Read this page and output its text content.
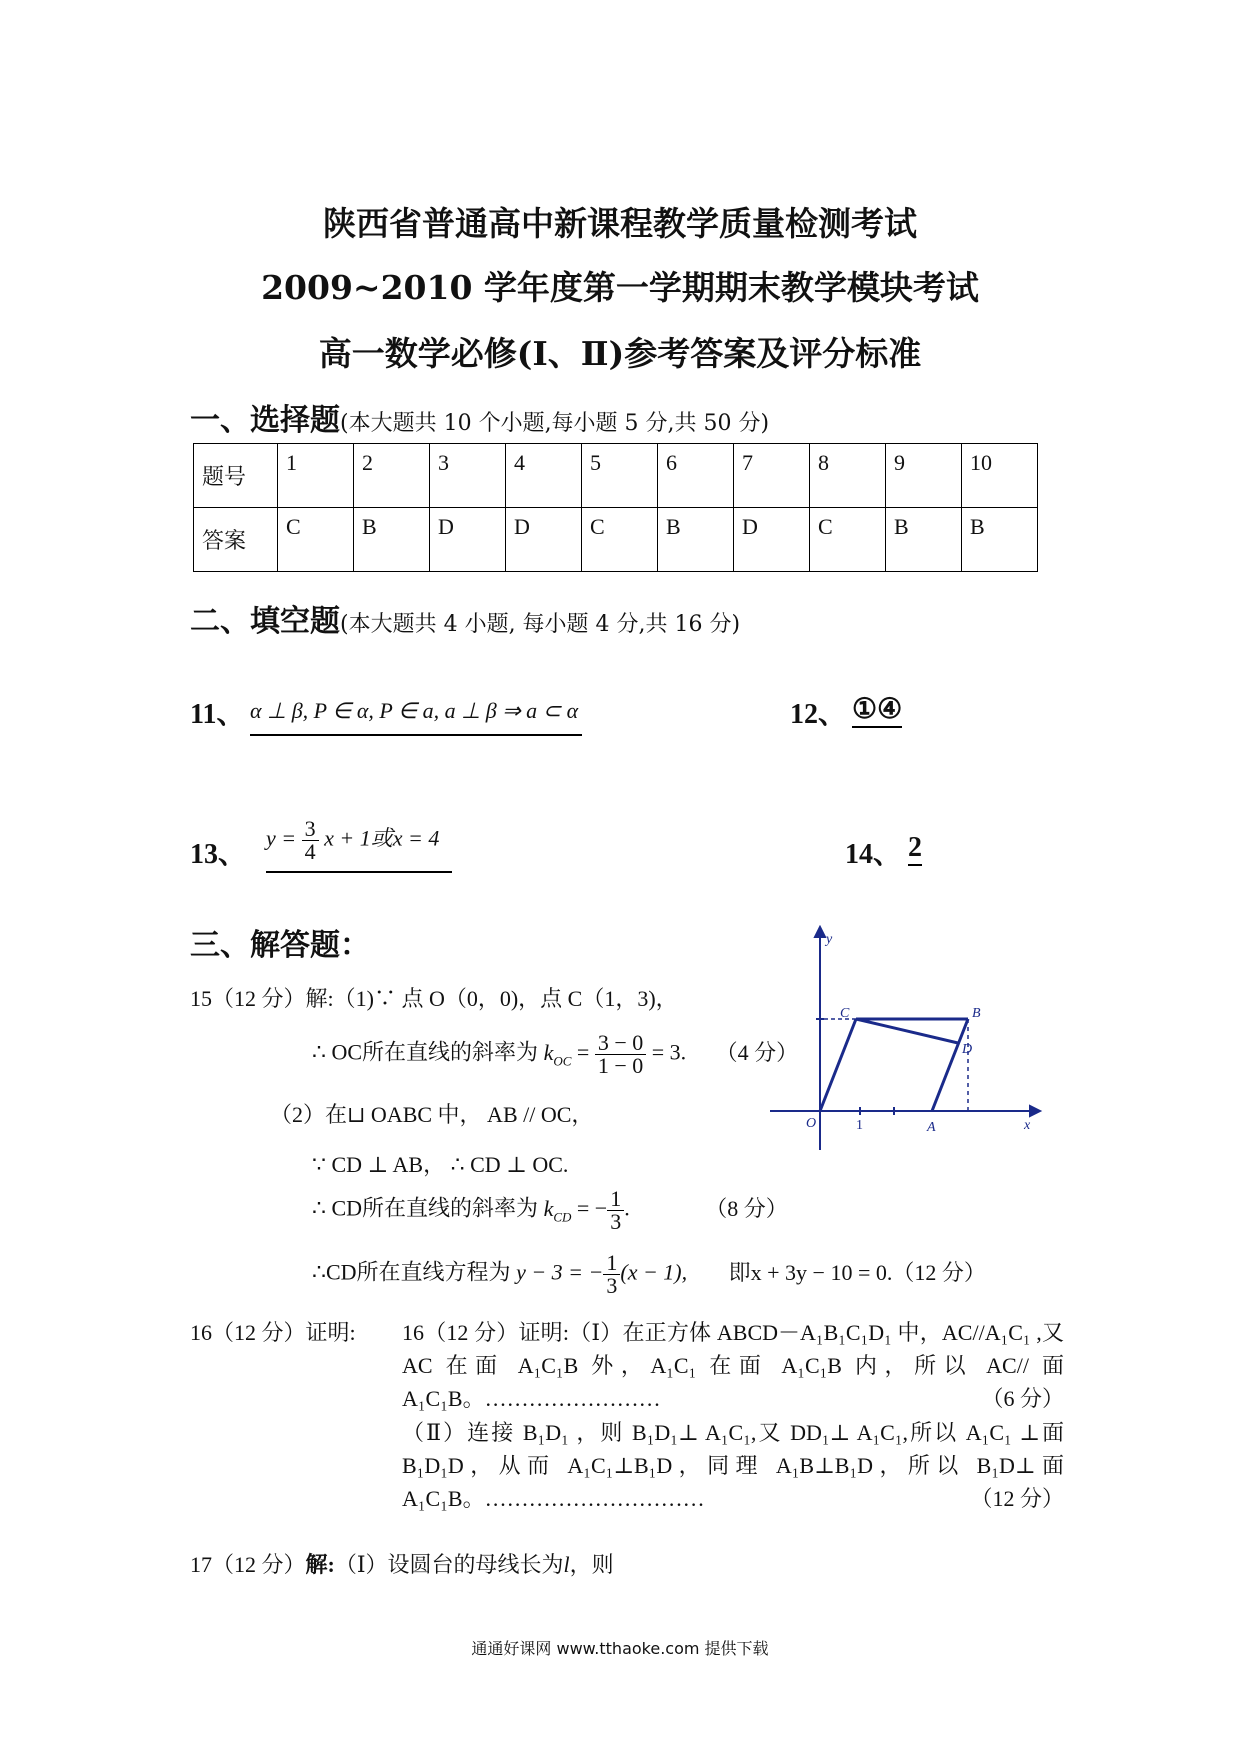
陕西省普通高中新课程教学质量检测考试
2009~2010 学年度第一学期期末教学模块考试
高一数学必修(I、Ⅱ)参考答案及评分标准
一、选择题(本大题共 10 个小题,每小题 5 分,共 50 分)
题号	1	2	3	4	5	6	7	8	9	10
答案	C	B	D	D	C	B	D	C	B	B
二、填空题(本大题共 4 小题, 每小题 4 分,共 16 分)
11、 α ⊥ β, P ∈ α, P ∈ a, a ⊥ β ⇒ a ⊂ α	12、 ①④
13、
$y = \frac{3}{4}$ x + 1或x = 4
14、 2
三、解答题：
15（12 分）解:（1)∵ 点 O（0，0)，点 C（1，3)，
∴ OC所在直线的斜率为 $k_{OC} = \frac{3 - 0}{1 - 0} = 3$. （4 分）
（2）在⊔ OABC 中， AB // OC，
∵ CD ⊥ AB， ∴ CD ⊥ OC.
∴ CD所在直线的斜率为 $k_{CD}$ = − $\frac{1}{3}$ .	（8 分）
∴CD所在直线方程为 y − 3 = − $\frac{1}{3} (x - 1)$, 即x + 3y − 10 = 0.（12 分）
y
x
O	1	A
B
C
D
16（12 分）证明: 16（12 分）证明:（Ⅰ）在正方体 ABCD－A₁B₁C₁D₁ 中，AC//A₁C₁ ,又 AC 在面 A₁C₁B 外，A₁C₁ 在面 A₁C₁B 内，所以 AC// 面 A₁C₁B。……………………	（6 分）
（Ⅱ）连接 B₁D₁ ，则 B₁D₁⊥ A₁C₁,又 DD₁⊥ A₁C₁,所以 A₁C₁ ⊥面 B₁D₁D，从而 A₁C₁⊥B₁D，同理 A₁B⊥B₁D，所以 B₁D⊥面 A₁C₁B。…………………………	（12 分）
17（12 分）解:（Ⅰ）设圆台的母线长为l，则
通通好课网 www.tthaoke.com 提供下载
